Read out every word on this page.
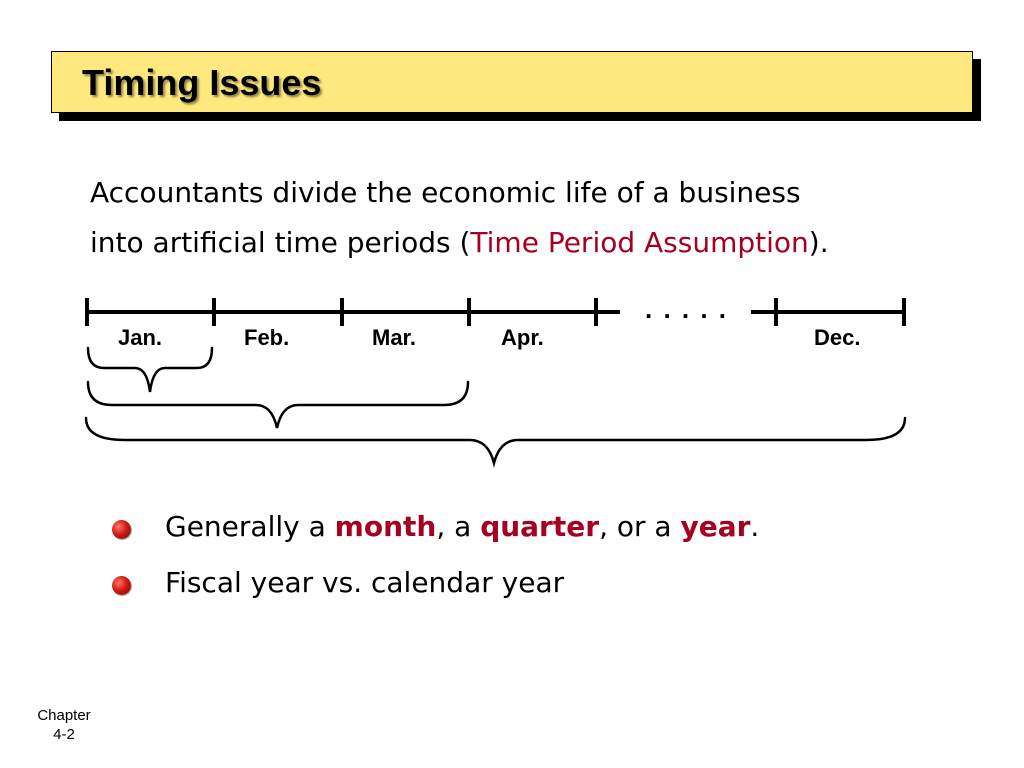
Timing Issues
Accountants divide the economic life of a business
into artificial time periods (Time Period Assumption).
. . . . .
Jan.	Feb.	Mar.	Apr.	Dec.
Generally a month, a quarter, or a year.
Fiscal year vs. calendar year
Chapter
4-2
